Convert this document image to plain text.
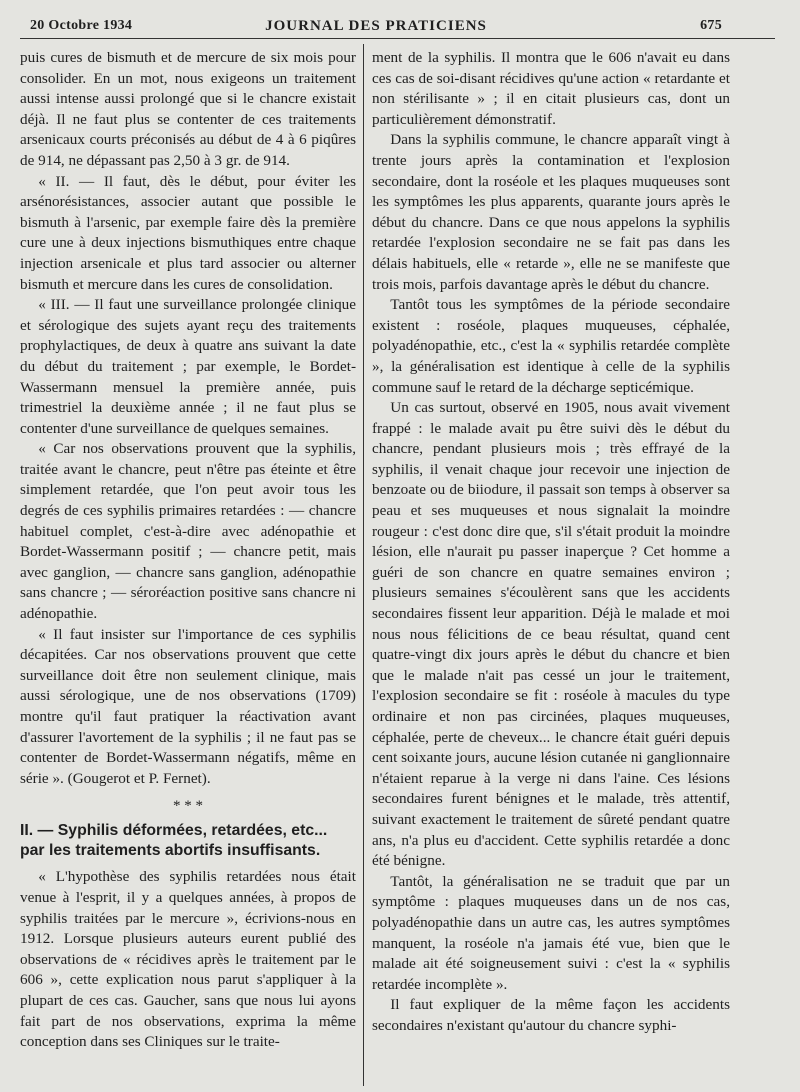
20 Octobre 1934	JOURNAL DES PRATICIENS	675

puis cures de bismuth et de mercure de six mois pour consolider. En un mot, nous exigeons un traitement aussi intense aussi prolongé que si le chancre existait déjà. Il ne faut plus se contenter de ces traitements arsenicaux courts préconisés au début de 4 à 6 piqûres de 914, ne dépassant pas 2,50 à 3 gr. de 914.

« II. — Il faut, dès le début, pour éviter les arsénorésistances, associer autant que possible le bismuth à l'arsenic, par exemple faire dès la première cure une à deux injections bismuthiques entre chaque injection arsenicale et plus tard associer ou alterner bismuth et mercure dans les cures de consolidation.

« III. — Il faut une surveillance prolongée clinique et sérologique des sujets ayant reçu des traitements prophylactiques, de deux à quatre ans suivant la date du début du traitement ; par exemple, le Bordet-Wassermann mensuel la première année, puis trimestriel la deuxième année ; il ne faut plus se contenter d'une surveillance de quelques semaines.

« Car nos observations prouvent que la syphilis, traitée avant le chancre, peut n'être pas éteinte et être simplement retardée, que l'on peut avoir tous les degrés de ces syphilis primaires retardées : — chancre habituel complet, c'est-à-dire avec adénopathie et Bordet-Wassermann positif ; — chancre petit, mais avec ganglion, — chancre sans ganglion, adénopathie sans chancre ; — séroréaction positive sans chancre ni adénopathie.

« Il faut insister sur l'importance de ces syphilis décapitées. Car nos observations prouvent que cette surveillance doit être non seulement clinique, mais aussi sérologique, une de nos observations (1709) montre qu'il faut pratiquer la réactivation avant d'assurer l'avortement de la syphilis ; il ne faut pas se contenter de Bordet-Wassermann négatifs, même en série ». (Gougerot et P. Fernet).

* * *
II. — Syphilis déformées, retardées, etc... par les traitements abortifs insuffisants.

« L'hypothèse des syphilis retardées nous était venue à l'esprit, il y a quelques années, à propos de syphilis traitées par le mercure », écrivions-nous en 1912. Lorsque plusieurs auteurs eurent publié des observations de « récidives après le traitement par le 606 », cette explication nous parut s'appliquer à la plupart de ces cas. Gaucher, sans que nous lui ayons fait part de nos observations, exprima la même conception dans ses Cliniques sur le traite-

ment de la syphilis. Il montra que le 606 n'avait eu dans ces cas de soi-disant récidives qu'une action « retardante et non stérilisante » ; il en citait plusieurs cas, dont un particulièrement démonstratif.

Dans la syphilis commune, le chancre apparaît vingt à trente jours après la contamination et l'explosion secondaire, dont la roséole et les plaques muqueuses sont les symptômes les plus apparents, quarante jours après le début du chancre. Dans ce que nous appelons la syphilis retardée l'explosion secondaire ne se fait pas dans les délais habituels, elle « retarde », elle ne se manifeste que trois mois, parfois davantage après le début du chancre.

Tantôt tous les symptômes de la période secondaire existent : roséole, plaques muqueuses, céphalée, polyadénopathie, etc., c'est la « syphilis retardée complète », la généralisation est identique à celle de la syphilis commune sauf le retard de la décharge septicémique.

Un cas surtout, observé en 1905, nous avait vivement frappé : le malade avait pu être suivi dès le début du chancre, pendant plusieurs mois ; très effrayé de la syphilis, il venait chaque jour recevoir une injection de benzoate ou de biiodure, il passait son temps à observer sa peau et ses muqueuses et nous signalait la moindre rougeur : c'est donc dire que, s'il s'était produit la moindre lésion, elle n'aurait pu passer inaperçue ? Cet homme a guéri de son chancre en quatre semaines environ ; plusieurs semaines s'écoulèrent sans que les accidents secondaires fissent leur apparition. Déjà le malade et moi nous nous félicitions de ce beau résultat, quand cent quatre-vingt dix jours après le début du chancre et bien que le malade n'ait pas cessé un jour le traitement, l'explosion secondaire se fit : roséole à macules du type ordinaire et non pas circinées, plaques muqueuses, céphalée, perte de cheveux... le chancre était guéri depuis cent soixante jours, aucune lésion cutanée ni ganglionnaire n'étaient reparue à la verge ni dans l'aine. Ces lésions secondaires furent bénignes et le malade, très attentif, suivant exactement le traitement de sûreté pendant quatre ans, n'a plus eu d'accident. Cette syphilis retardée a donc été bénigne.

Tantôt, la généralisation ne se traduit que par un symptôme : plaques muqueuses dans un de nos cas, polyadénopathie dans un autre cas, les autres symptômes manquent, la roséole n'a jamais été vue, bien que le malade ait été soigneusement suivi : c'est la « syphilis retardée incomplète ».

Il faut expliquer de la même façon les accidents secondaires n'existant qu'autour du chancre syphi-
